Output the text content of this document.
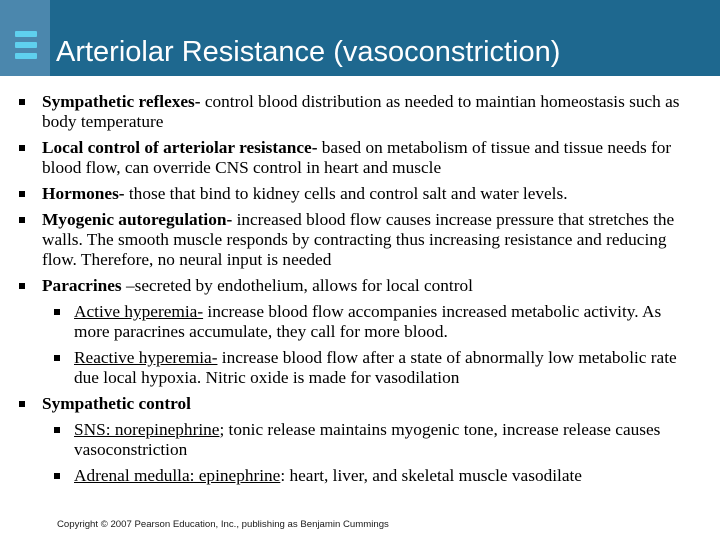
Arteriolar Resistance (vasoconstriction)
Sympathetic reflexes- control blood distribution as needed to maintian homeostasis such as body temperature
Local control of arteriolar resistance- based on metabolism of tissue and tissue needs for blood flow, can override CNS control in heart and muscle
Hormones- those that bind to kidney cells and control salt and water levels.
Myogenic autoregulation- increased blood flow causes increase pressure that stretches the walls. The smooth muscle responds by contracting thus increasing resistance and reducing flow. Therefore, no neural input is needed
Paracrines –secreted by endothelium, allows for local control
Active hyperemia- increase blood flow accompanies increased metabolic activity. As more paracrines accumulate, they call for more blood.
Reactive hyperemia- increase blood flow after a state of abnormally low metabolic rate due local hypoxia. Nitric oxide is made for vasodilation
Sympathetic control
SNS: norepinephrine; tonic release maintains myogenic tone, increase release causes vasoconstriction
Adrenal medulla: epinephrine: heart, liver, and skeletal muscle vasodilate
Copyright © 2007 Pearson Education, Inc., publishing as Benjamin Cummings
